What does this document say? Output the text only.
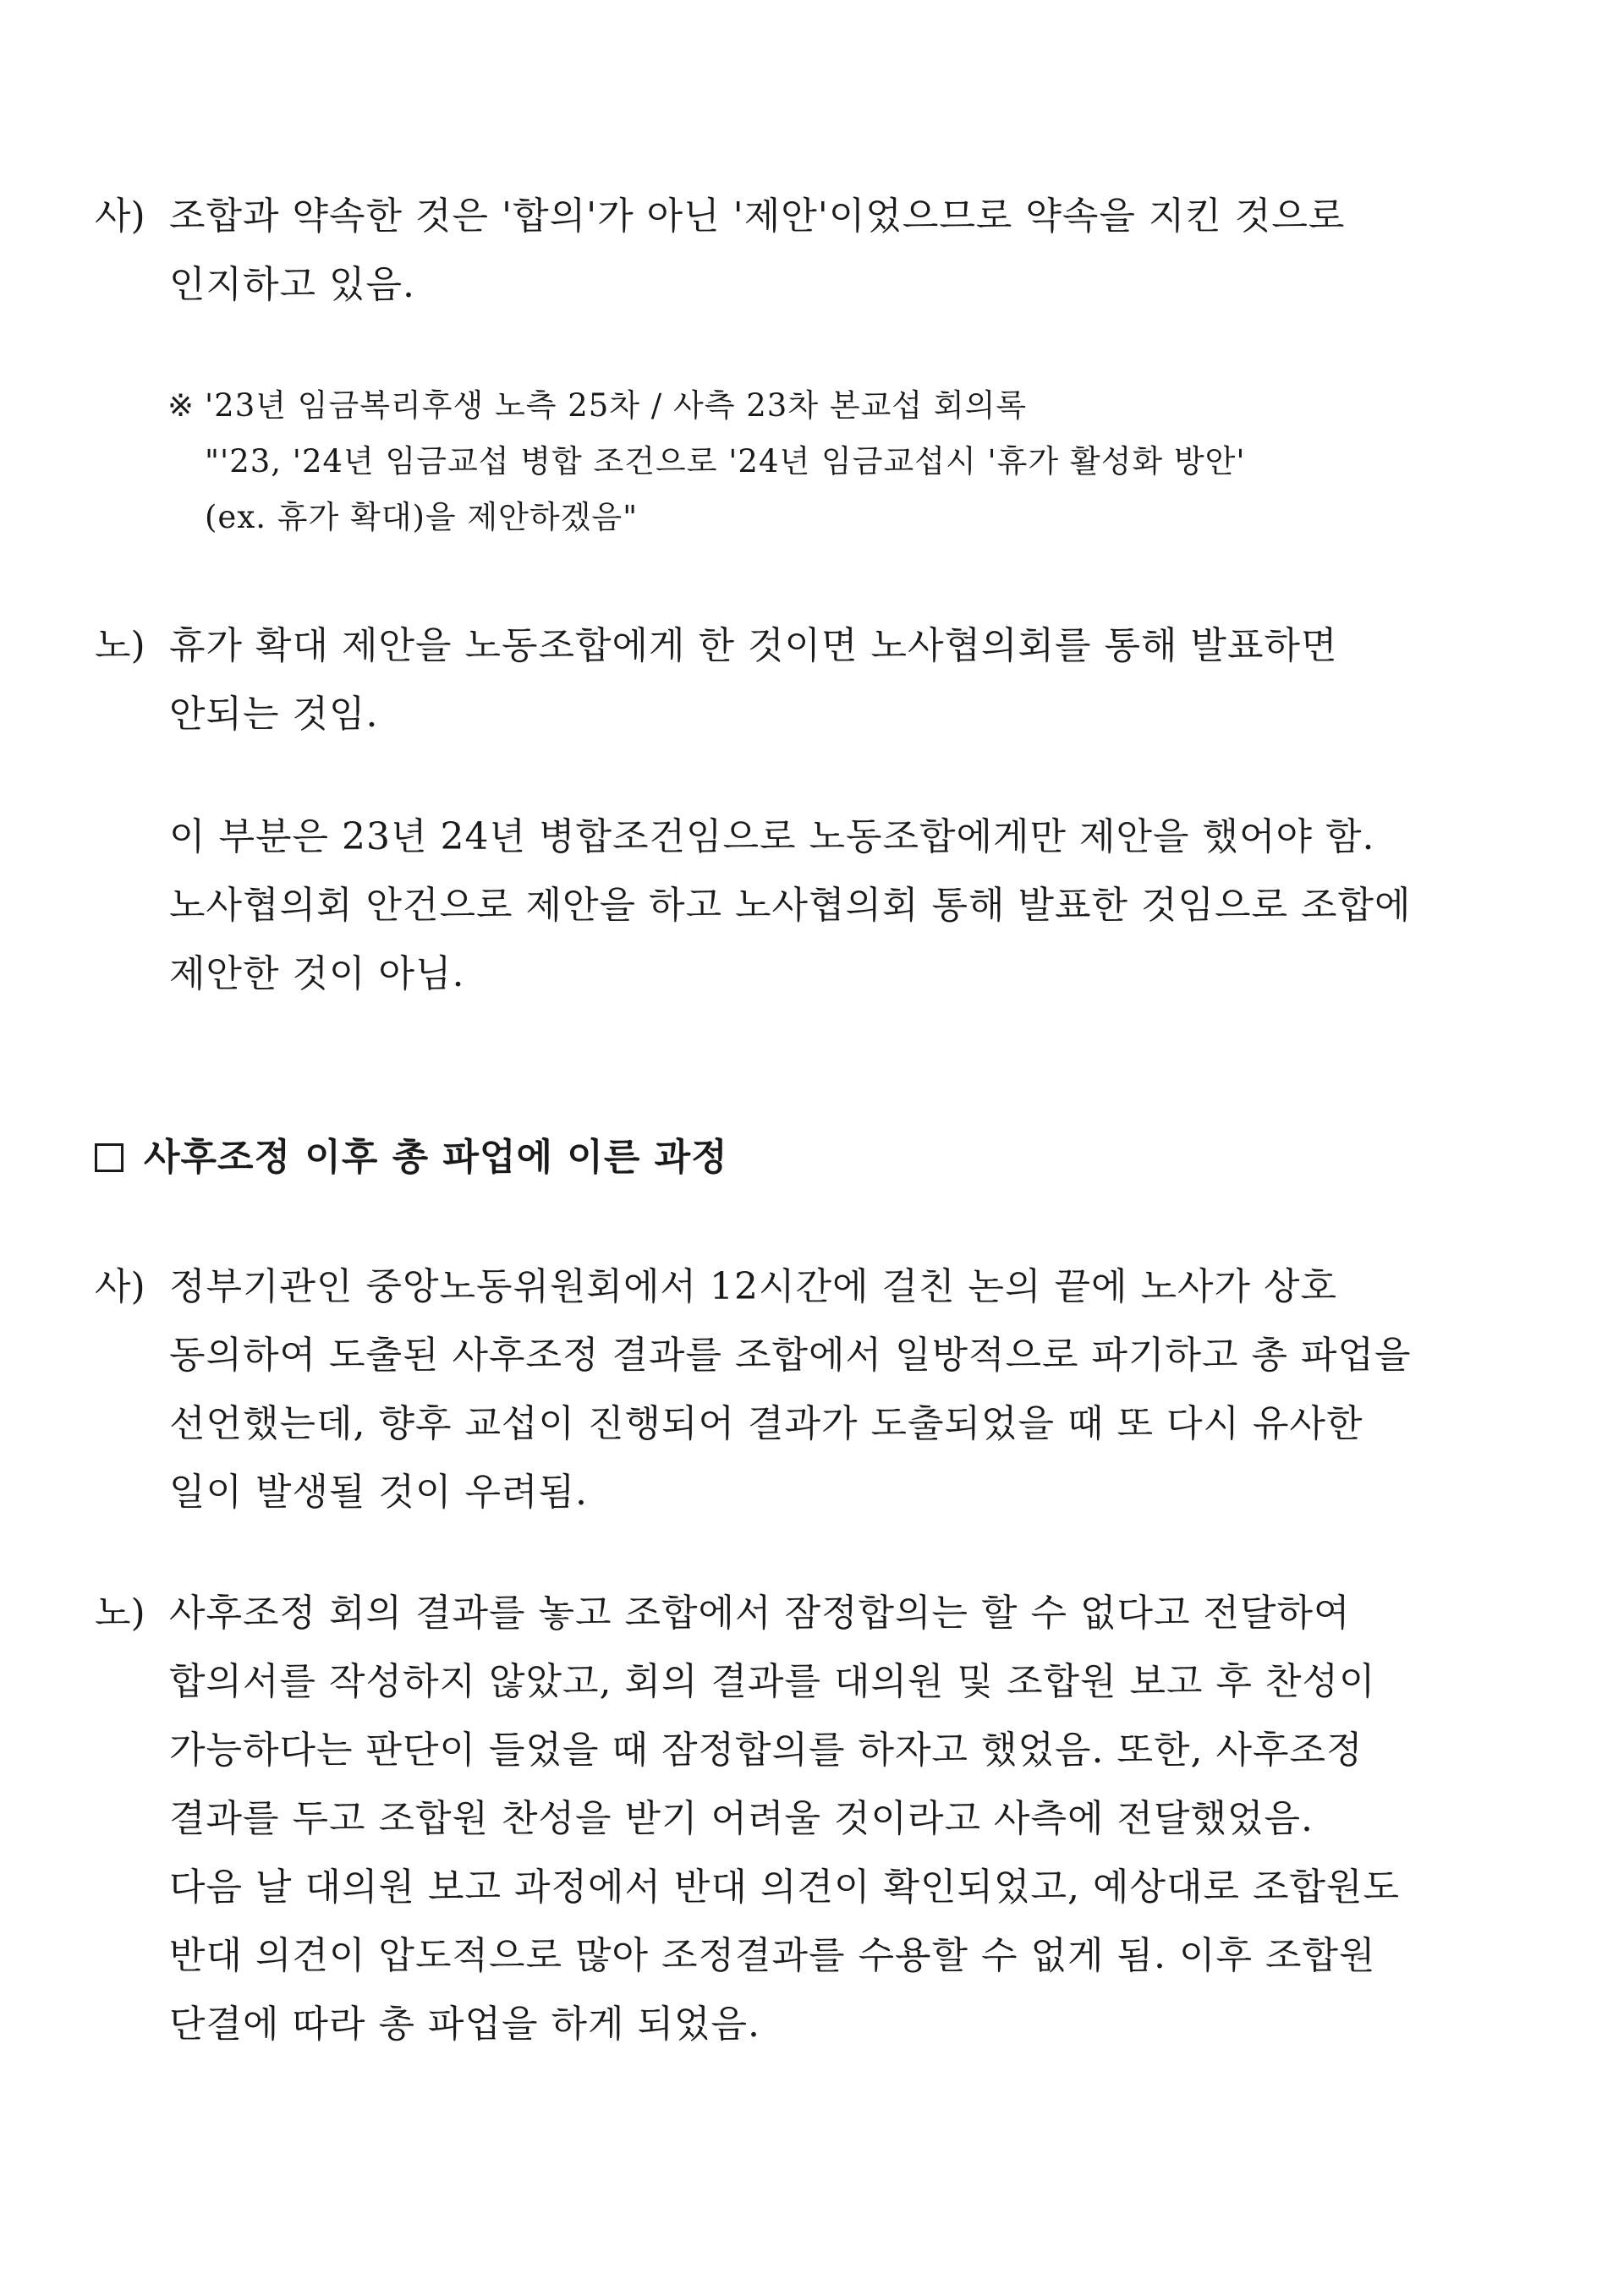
사) 조합과 약속한 것은 '합의'가 아닌 '제안'이었으므로 약속을 지킨 것으로
인지하고 있음.
※ '23년 임금복리후생 노측 25차 / 사측 23차 본교섭 회의록
"'23, '24년 임금교섭 병합 조건으로 '24년 임금교섭시 '휴가 활성화 방안'
(ex. 휴가 확대)을 제안하겠음"
노) 휴가 확대 제안을 노동조합에게 한 것이면 노사협의회를 통해 발표하면
안되는 것임.
이 부분은 23년 24년 병합조건임으로 노동조합에게만 제안을 했어야 함.
노사협의회 안건으로 제안을 하고 노사협의회 통해 발표한 것임으로 조합에
제안한 것이 아님.
사후조정 이후 총 파업에 이른 과정
사) 정부기관인 중앙노동위원회에서 12시간에 걸친 논의 끝에 노사가 상호
동의하여 도출된 사후조정 결과를 조합에서 일방적으로 파기하고 총 파업을
선언했는데, 향후 교섭이 진행되어 결과가 도출되었을 때 또 다시 유사한
일이 발생될 것이 우려됨.
노) 사후조정 회의 결과를 놓고 조합에서 잠정합의는 할 수 없다고 전달하여
합의서를 작성하지 않았고, 회의 결과를 대의원 및 조합원 보고 후 찬성이
가능하다는 판단이 들었을 때 잠정합의를 하자고 했었음. 또한, 사후조정
결과를 두고 조합원 찬성을 받기 어려울 것이라고 사측에 전달했었음.
다음 날 대의원 보고 과정에서 반대 의견이 확인되었고, 예상대로 조합원도
반대 의견이 압도적으로 많아 조정결과를 수용할 수 없게 됨. 이후 조합원
단결에 따라 총 파업을 하게 되었음.
